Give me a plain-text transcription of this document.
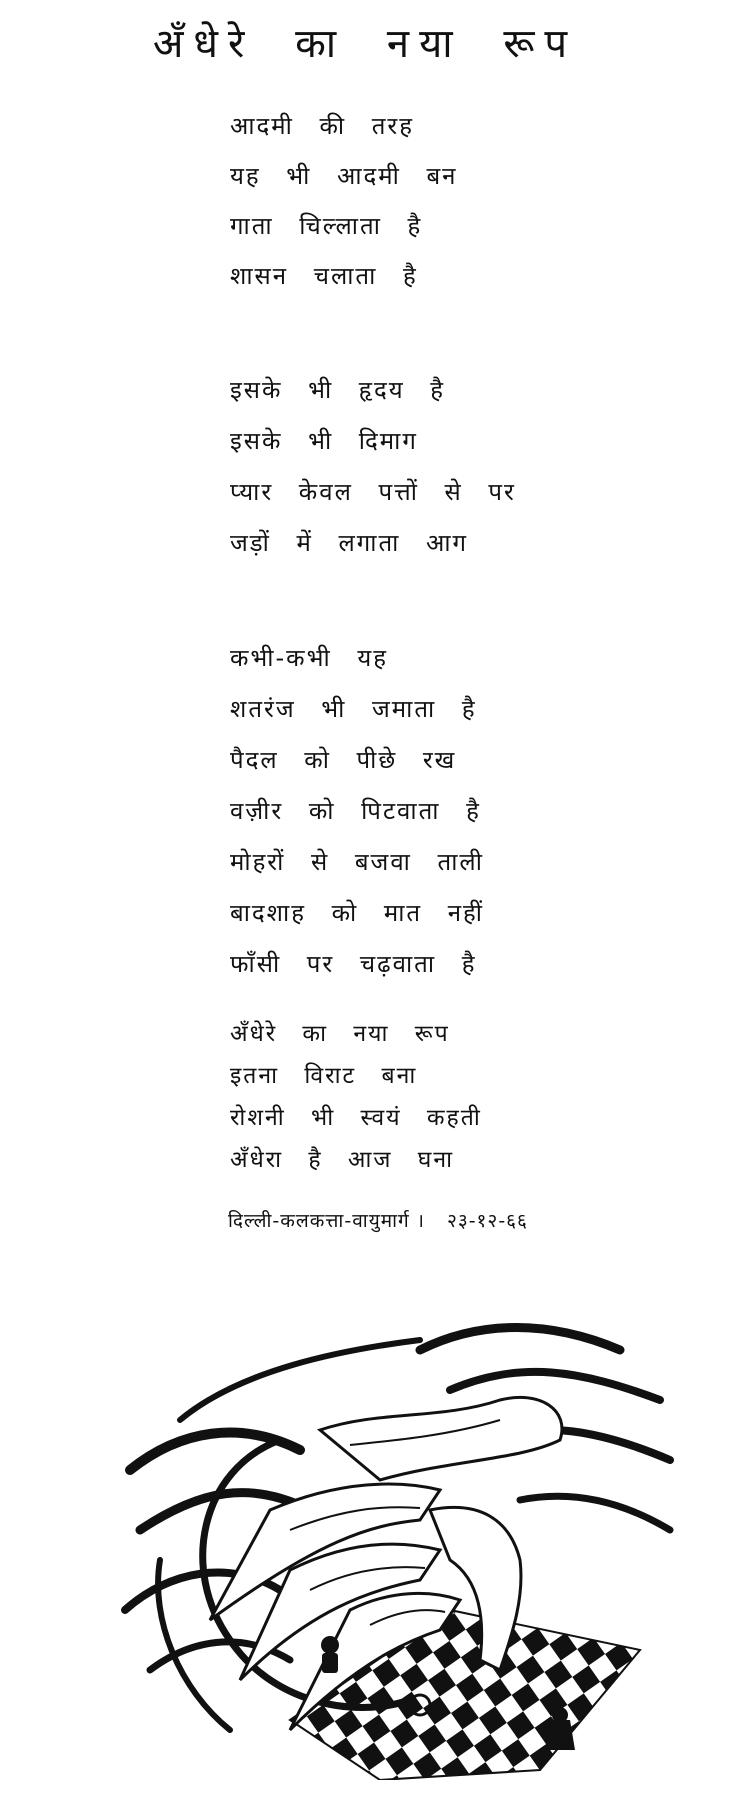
अँधेरे का नया रूप
आदमी की तरह
यह भी आदमी बन
गाता चिल्लाता है
शासन चलाता है
इसके भी हृदय है
इसके भी दिमाग
प्यार केवल पत्तों से पर
जड़ों में लगाता आग
कभी-कभी यह
शतरंज भी जमाता है
पैदल को पीछे रख
वज़ीर को पिटवाता है
मोहरों से बजवा ताली
बादशाह को मात नहीं
फाँसी पर चढ़वाता है
अँधेरे का नया रूप
इतना विराट बना
रोशनी भी स्वयं कहती
अँधेरा है आज घना
दिल्ली-कलकत्ता-वायुमार्ग । २३-१२-६६
